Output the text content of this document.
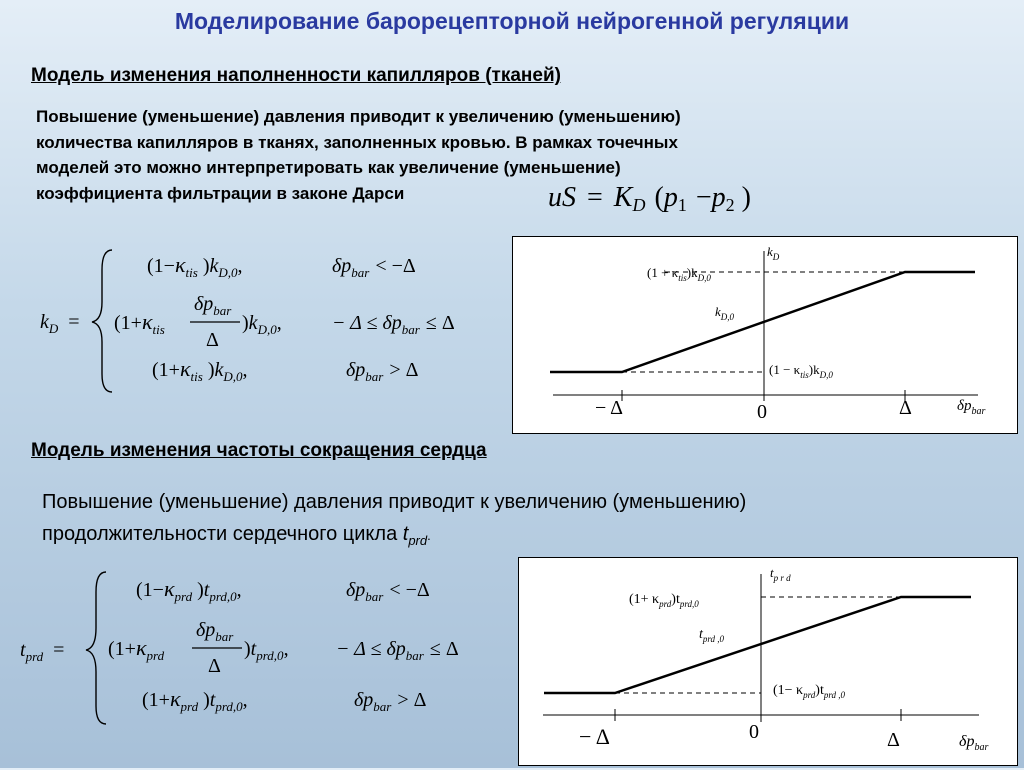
Моделирование барорецепторной нейрогенной регуляции
Модель изменения наполненности капилляров (тканей)
Повышение (уменьшение) давления приводит к увеличению (уменьшению)
количества капилляров в тканях, заполненных кровью. В рамках точечных
моделей это можно интерпретировать как увеличение (уменьшение)
коэффициента фильтрации в законе Дарси	uS = KD (p1 −p2 )
$k_D$ =
($1-\kappa_{tis}$ )$k_{D,0}$,	$\delta p_{bar} < -\Delta$
($1+\kappa_{tis}$
$\delta p_{bar}$
Δ
)$k_{D,0}$,	− $\Delta \le \delta p_{bar} \le \Delta$
($1+\kappa_{tis}$ )$k_{D,0}$,	$\delta p_{bar} > \Delta$
$k_D$
$(1 + \kappa_{tis})k_{D,0}$
$k_{D,0}$
$(1 - \kappa_{tis})k_{D,0}$
− Δ	0	Δ	$\delta p_{bar}$
Модель изменения частоты сокращения сердца
Повышение (уменьшение) давления приводит к увеличению (уменьшению)
продолжительности сердечного цикла $t_{prd}$.
$t_{prd}$ =
($1-\kappa_{prd}$ )$t_{prd,0}$,	$\delta p_{bar} < -\Delta$
($1+\kappa_{prd}$
$\delta p_{bar}$
Δ
)$t_{prd,0}$, − $\Delta \le \delta p_{bar} \le \Delta$
($1+\kappa_{prd}$ )$t_{prd,0}$,	$\delta p_{bar} > \Delta$
$t_{p r d}$
$(1+ \kappa_{prd})t_{prd,0}$
$t_{prd ,0}$
$(1- \kappa_{prd})t_{prd ,0}$
− Δ	0	Δ	$\delta p_{bar}$
